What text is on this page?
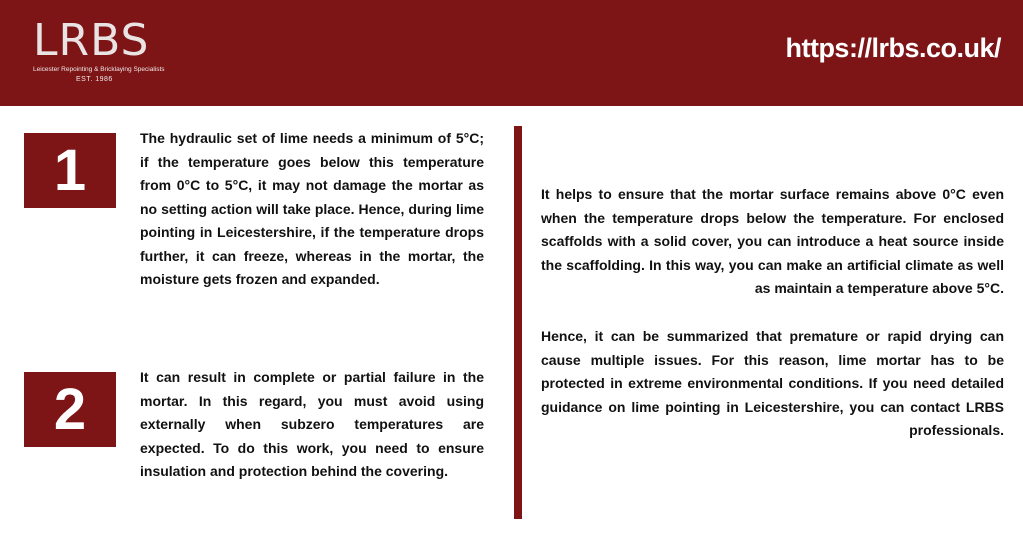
LRBS
Leicester Repointing & Bricklaying Specialists
EST. 1986
https://lrbs.co.uk/
1	The hydraulic set of lime needs a minimum of 5°C; if the temperature goes below this temperature from 0°C to 5°C, it may not damage the mortar as no setting action will take place. Hence, during lime pointing in Leicestershire, if the temperature drops further, it can freeze, whereas in the mortar, the moisture gets frozen and expanded.

2	It can result in complete or partial failure in the mortar. In this regard, you must avoid using externally when subzero temperatures are expected. To do this work, you need to ensure insulation and protection behind the covering.

It helps to ensure that the mortar surface remains above 0°C even when the temperature drops below the temperature. For enclosed scaffolds with a solid cover, you can introduce a heat source inside the scaffolding. In this way, you can make an artificial climate as well as maintain a temperature above 5°C.

Hence, it can be summarized that premature or rapid drying can cause multiple issues. For this reason, lime mortar has to be protected in extreme environmental conditions. If you need detailed guidance on lime pointing in Leicestershire, you can contact LRBS professionals.
